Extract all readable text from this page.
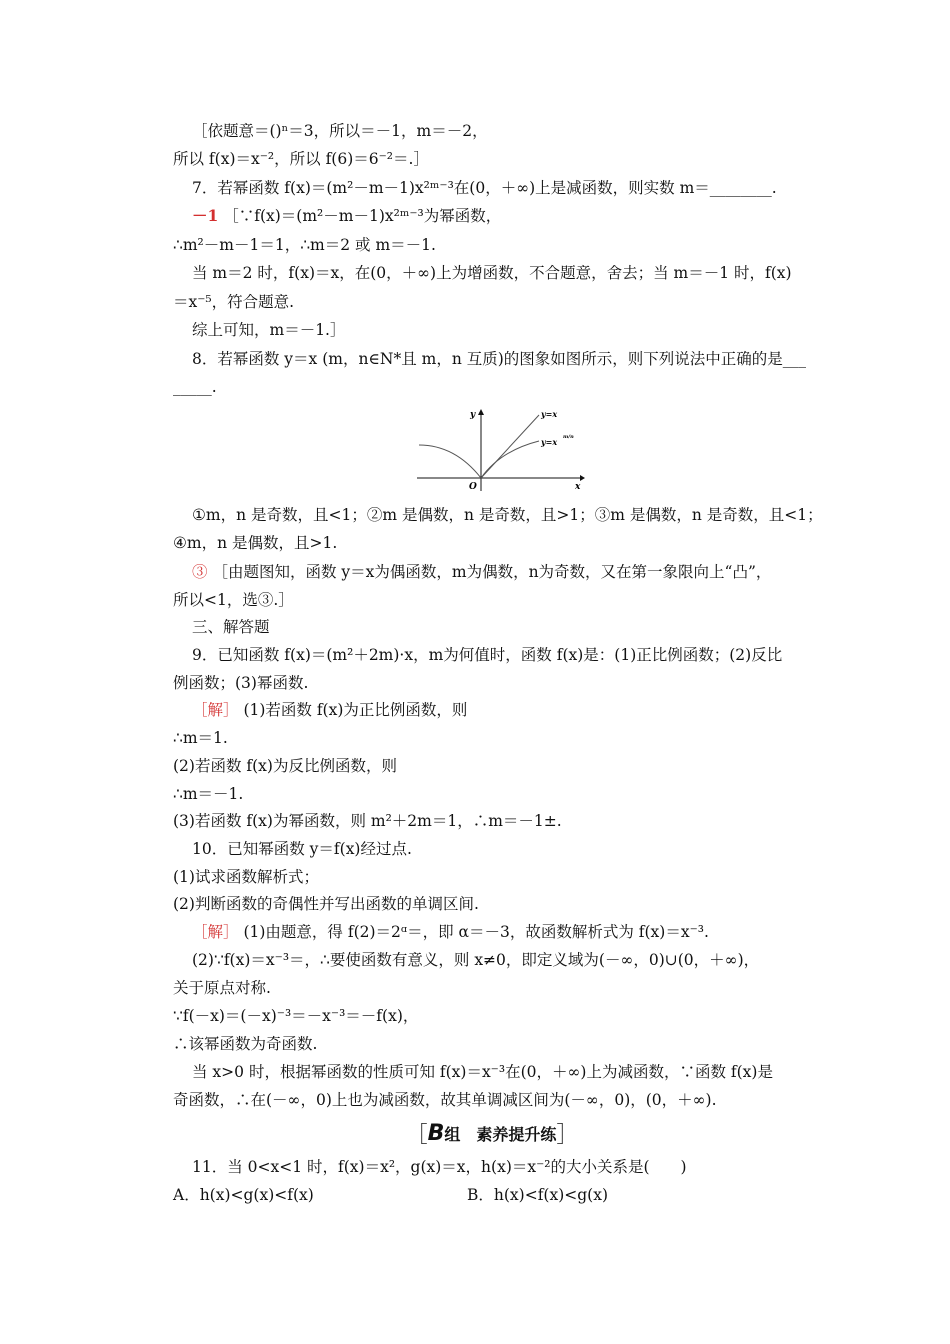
［依题意＝()ⁿ＝3，所以＝－1，m＝－2，
所以 f(x)＝x⁻²，所以 f(6)＝6⁻²＝.］
7．若幂函数 f(x)＝(m²－m－1)x²ᵐ⁻³在(0，＋∞)上是减函数，则实数 m＝________.
－1 ［∵f(x)＝(m²－m－1)x²ᵐ⁻³为幂函数，
∴m²－m－1＝1，∴m＝2 或 m＝－1.
当 m＝2 时，f(x)＝x，在(0，＋∞)上为增函数，不合题意，舍去；当 m＝－1 时，f(x)
＝x⁻⁵，符合题意.
综上可知，m＝－1.］
8．若幂函数 y＝x (m，n∈N*且 m，n 互质)的图象如图所示，则下列说法中正确的是___
_____.
y
x
O
y=x
y=x m/n
①m，n 是奇数，且<1；②m 是偶数，n 是奇数，且>1；③m 是偶数，n 是奇数，且<1；
④m，n 是偶数，且>1.
③ ［由题图知，函数 y＝x为偶函数，m为偶数，n为奇数，又在第一象限向上“凸”，
所以<1，选③.］
三、解答题
9．已知函数 f(x)＝(m²＋2m)·x，m为何值时，函数 f(x)是：(1)正比例函数；(2)反比
例函数；(3)幂函数.
［解］ (1)若函数 f(x)为正比例函数，则
∴m＝1.
(2)若函数 f(x)为反比例函数，则
∴m＝－1.
(3)若函数 f(x)为幂函数，则 m²＋2m＝1，∴m＝－1±.
10．已知幂函数 y＝f(x)经过点.
(1)试求函数解析式；
(2)判断函数的奇偶性并写出函数的单调区间.
［解］ (1)由题意，得 f(2)＝2ᵅ＝，即 α＝－3，故函数解析式为 f(x)＝x⁻³.
(2)∵f(x)＝x⁻³＝，∴要使函数有意义，则 x≠0，即定义域为(－∞，0)∪(0，＋∞)，
关于原点对称.
∵f(－x)＝(－x)⁻³＝－x⁻³＝－f(x)，
∴该幂函数为奇函数.
当 x>0 时，根据幂函数的性质可知 f(x)＝x⁻³在(0，＋∞)上为减函数，∵函数 f(x)是
奇函数，∴在(－∞，0)上也为减函数，故其单调减区间为(－∞，0)，(0，＋∞).
［B组　素养提升练］
11．当 0<x<1 时，f(x)＝x²，g(x)＝x，h(x)＝x⁻²的大小关系是(　　)
A．h(x)<g(x)<f(x)	B．h(x)<f(x)<g(x)
